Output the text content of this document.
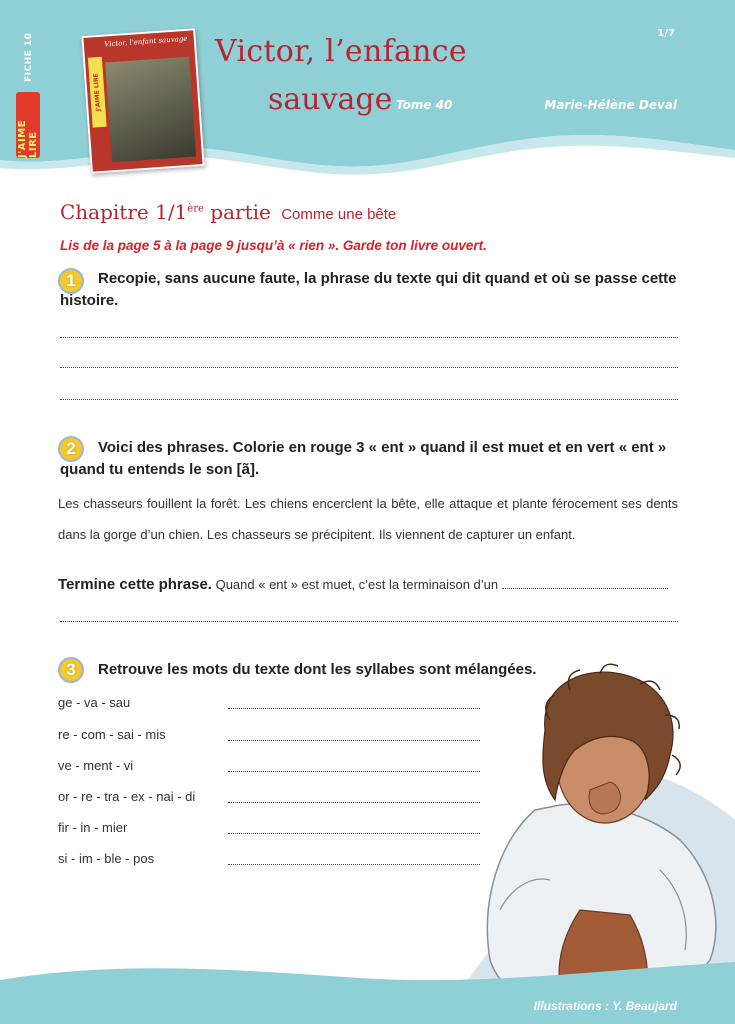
FICHE 10
J'AIME LIRE
J'AIME LIRE
Victor, l'enfant sauvage Victor, l’enfance
sauvage Tome 40	Marie-Hélène Deval
1/7
Chapitre 1/1ère partie Comme une bête
Lis de la page 5 à la page 9 jusqu’à « rien ». Garde ton livre ouvert.
1	Recopie, sans aucune faute, la phrase du texte qui dit quand et où se passe cette histoire.
2	Voici des phrases. Colorie en rouge 3 « ent » quand il est muet et en vert « ent » quand tu entends le son [ã].
Les chasseurs fouillent la forêt. Les chiens encerclent la bête, elle attaque et plante férocement ses dents dans la gorge d’un chien. Les chasseurs se précipitent. Ils viennent de capturer un enfant.
Termine cette phrase. Quand « ent » est muet, c’est la terminaison d’un
3	Retrouve les mots du texte dont les syllabes sont mélangées.
ge - va - sau
re - com - sai - mis
ve - ment - vi
or - re - tra - ex - nai - di
fir - in - mier
si - im - ble - pos
Illustrations : Y. Beaujard
